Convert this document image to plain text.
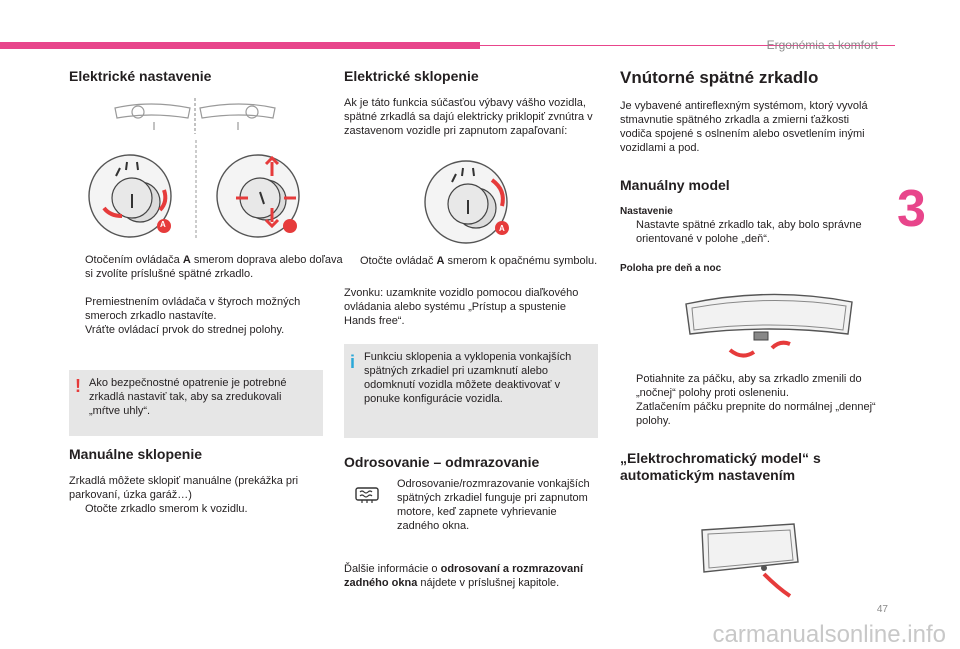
Ergonómia a komfort
3
Elektrické nastavenie
A
Otočením ovládača A smerom doprava alebo doľava si zvolíte príslušné spätné zrkadlo.
Premiestnením ovládača v štyroch možných smeroch zrkadlo nastavíte.
Vráťte ovládací prvok do strednej polohy.
! Ako bezpečnostné opatrenie je potrebné zrkadlá nastaviť tak, aby sa zredukovali „mŕtve uhly“.
Manuálne sklopenie
Zrkadlá môžete sklopiť manuálne (prekážka pri parkovaní, úzka garáž…)
Otočte zrkadlo smerom k vozidlu.
Elektrické sklopenie
Ak je táto funkcia súčasťou výbavy vášho vozidla, spätné zrkadlá sa dajú elektricky priklopiť zvnútra v zastavenom vozidle pri zapnutom zapaľovaní:
A
Otočte ovládač A smerom k opačnému symbolu.
Zvonku: uzamknite vozidlo pomocou diaľkového ovládania alebo systému „Prístup a spustenie Hands free“.
i Funkciu sklopenia a vyklopenia vonkajších spätných zrkadiel pri uzamknutí alebo odomknutí vozidla môžete deaktivovať v ponuke konfigurácie vozidla.
Odrosovanie – odmrazovanie
Odrosovanie/rozmrazovanie vonkajších spätných zrkadiel funguje pri zapnutom motore, keď zapnete vyhrievanie zadného okna.
Ďalšie informácie o odrosovaní a rozmrazovaní zadného okna nájdete v príslušnej kapitole.
Vnútorné spätné zrkadlo
Je vybavené antireflexným systémom, ktorý vyvolá stmavnutie spätného zrkadla a zmierni ťažkosti vodiča spojené s oslnením alebo osvetlením inými vozidlami a pod.
Manuálny model
Nastavenie
Nastavte spätné zrkadlo tak, aby bolo správne orientované v polohe „deň“.
Poloha pre deň a noc
Potiahnite za páčku, aby sa zrkadlo zmenili do „nočnej“ polohy proti osleneniu.
Zatlačením páčku prepnite do normálnej „dennej“ polohy.
„Elektrochromatický model“ s automatickým nastavením
47
carmanualsonline.info
